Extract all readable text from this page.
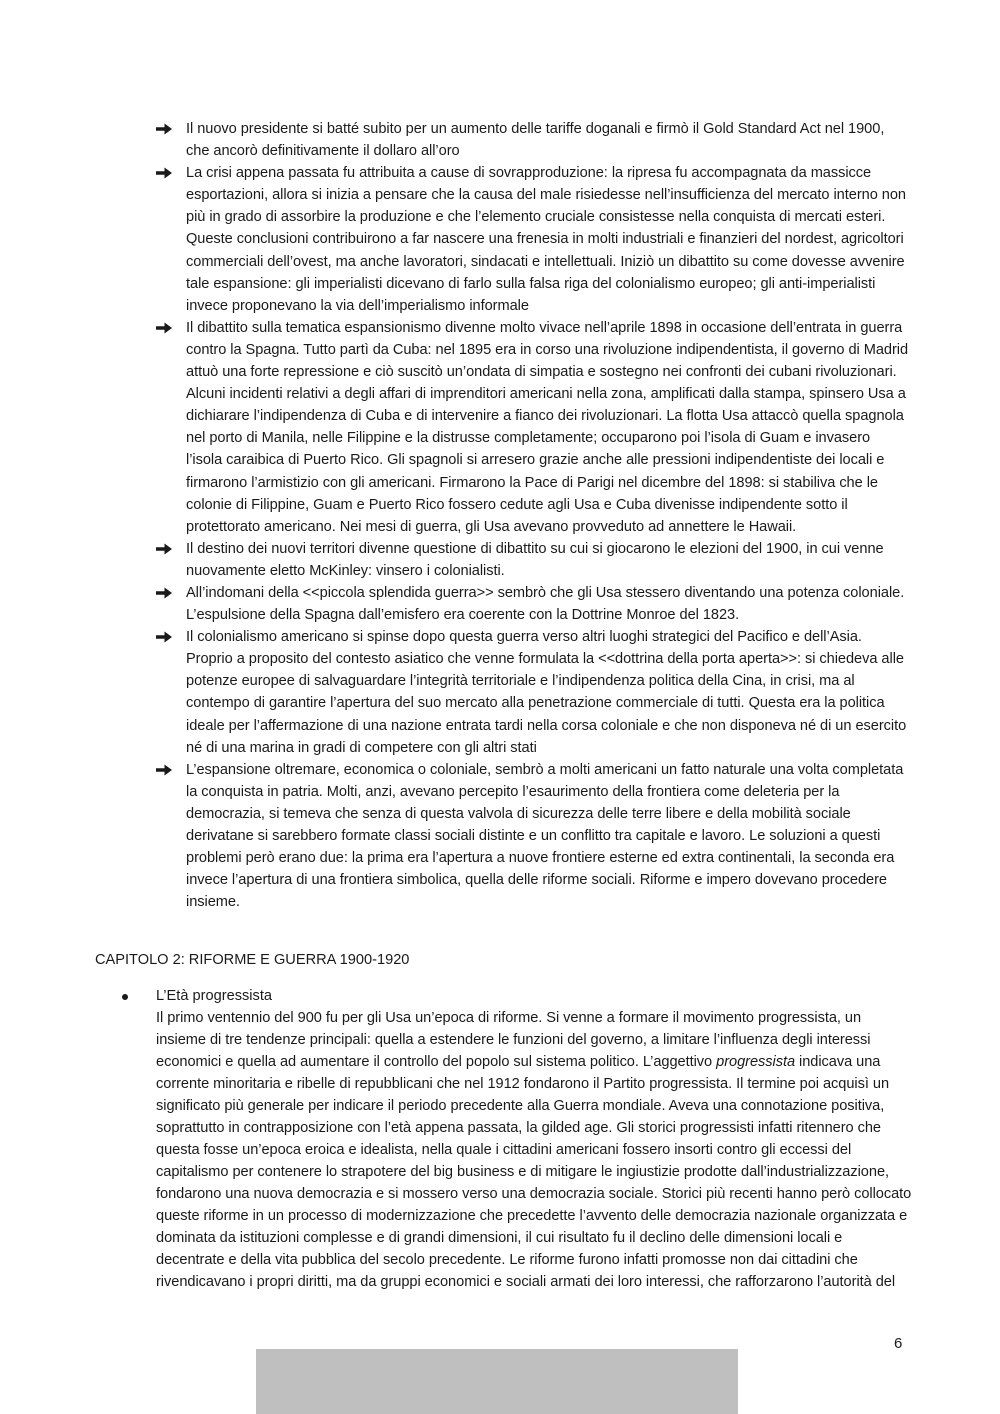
Il nuovo presidente si batté subito per un aumento delle tariffe doganali e firmò il Gold Standard Act nel 1900, che ancorò definitivamente il dollaro all’oro
La crisi appena passata fu attribuita a cause di sovrapproduzione: la ripresa fu accompagnata da massicce esportazioni, allora si inizia a pensare che la causa del male risiedesse nell’insufficienza del mercato interno non più in grado di assorbire la produzione e che l’elemento cruciale consistesse nella conquista di mercati esteri. Queste conclusioni contribuirono a far nascere una frenesia in molti industriali e finanzieri del nordest, agricoltori commerciali dell’ovest, ma anche lavoratori, sindacati e intellettuali. Iniziò un dibattito su come dovesse avvenire tale espansione: gli imperialisti dicevano di farlo sulla falsa riga del colonialismo europeo; gli anti-imperialisti invece proponevano la via dell’imperialismo informale
Il dibattito sulla tematica espansionismo divenne molto vivace nell’aprile 1898 in occasione dell’entrata in guerra contro la Spagna. Tutto partì da Cuba: nel 1895 era in corso una rivoluzione indipendentista, il governo di Madrid attuò una forte repressione e ciò suscitò un’ondata di simpatia e sostegno nei confronti dei cubani rivoluzionari. Alcuni incidenti relativi a degli affari di imprenditori americani nella zona, amplificati dalla stampa, spinsero Usa a dichiarare l’indipendenza di Cuba e di intervenire a fianco dei rivoluzionari. La flotta Usa attaccò quella spagnola nel porto di Manila, nelle Filippine e la distrusse completamente; occuparono poi l’isola di Guam e invasero l’isola caraibica di Puerto Rico. Gli spagnoli si arresero grazie anche alle pressioni indipendentiste dei locali e firmarono l’armistizio con gli americani. Firmarono la Pace di Parigi nel dicembre del 1898: si stabiliva che le colonie di Filippine, Guam e Puerto Rico fossero cedute agli Usa e Cuba divenisse indipendente sotto il protettorato americano. Nei mesi di guerra, gli Usa avevano provveduto ad annettere le Hawaii.
Il destino dei nuovi territori divenne questione di dibattito su cui si giocarono le elezioni del 1900, in cui venne nuovamente eletto McKinley: vinsero i colonialisti.
All’indomani della <<piccola splendida guerra>> sembrò che gli Usa stessero diventando una potenza coloniale. L’espulsione della Spagna dall’emisfero era coerente con la Dottrine Monroe del 1823.
Il colonialismo americano si spinse dopo questa guerra verso altri luoghi strategici del Pacifico e dell’Asia. Proprio a proposito del contesto asiatico che venne formulata la <<dottrina della porta aperta>>: si chiedeva alle potenze europee di salvaguardare l’integrità territoriale e l’indipendenza politica della Cina, in crisi, ma al contempo di garantire l’apertura del suo mercato alla penetrazione commerciale di tutti. Questa era la politica ideale per l’affermazione di una nazione entrata tardi nella corsa coloniale e che non disponeva né di un esercito né di una marina in gradi di competere con gli altri stati
L’espansione oltremare, economica o coloniale, sembrò a molti americani un fatto naturale una volta completata la conquista in patria. Molti, anzi, avevano percepito l’esaurimento della frontiera come deleteria per la democrazia, si temeva che senza di questa valvola di sicurezza delle terre libere e della mobilità sociale derivatane si sarebbero formate classi sociali distinte e un conflitto tra capitale e lavoro. Le soluzioni a questi problemi però erano due: la prima era l’apertura a nuove frontiere esterne ed extra continentali, la seconda era invece l’apertura di una frontiera simbolica, quella delle riforme sociali. Riforme e impero dovevano procedere insieme.
CAPITOLO 2: RIFORME E GUERRA 1900-1920
L’Età progressista
Il primo ventennio del 900 fu per gli Usa un’epoca di riforme. Si venne a formare il movimento progressista, un insieme di tre tendenze principali: quella a estendere le funzioni del governo, a limitare l’influenza degli interessi economici e quella ad aumentare il controllo del popolo sul sistema politico. L’aggettivo progressista indicava una corrente minoritaria e ribelle di repubblicani che nel 1912 fondarono il Partito progressista. Il termine poi acquisì un significato più generale per indicare il periodo precedente alla Guerra mondiale. Aveva una connotazione positiva, soprattutto in contrapposizione con l’età appena passata, la gilded age. Gli storici progressisti infatti ritennero che questa fosse un’epoca eroica e idealista, nella quale i cittadini americani fossero insorti contro gli eccessi del capitalismo per contenere lo strapotere del big business e di mitigare le ingiustizie prodotte dall’industrializzazione, fondarono una nuova democrazia e si mossero verso una democrazia sociale. Storici più recenti hanno però collocato queste riforme in un processo di modernizzazione che precedette l’avvento delle democrazia nazionale organizzata e dominata da istituzioni complesse e di grandi dimensioni, il cui risultato fu il declino delle dimensioni locali e decentrate e della vita pubblica del secolo precedente. Le riforme furono infatti promosse non dai cittadini che rivendicavano i propri diritti, ma da gruppi economici e sociali armati dei loro interessi, che rafforzarono l’autorità del
6
